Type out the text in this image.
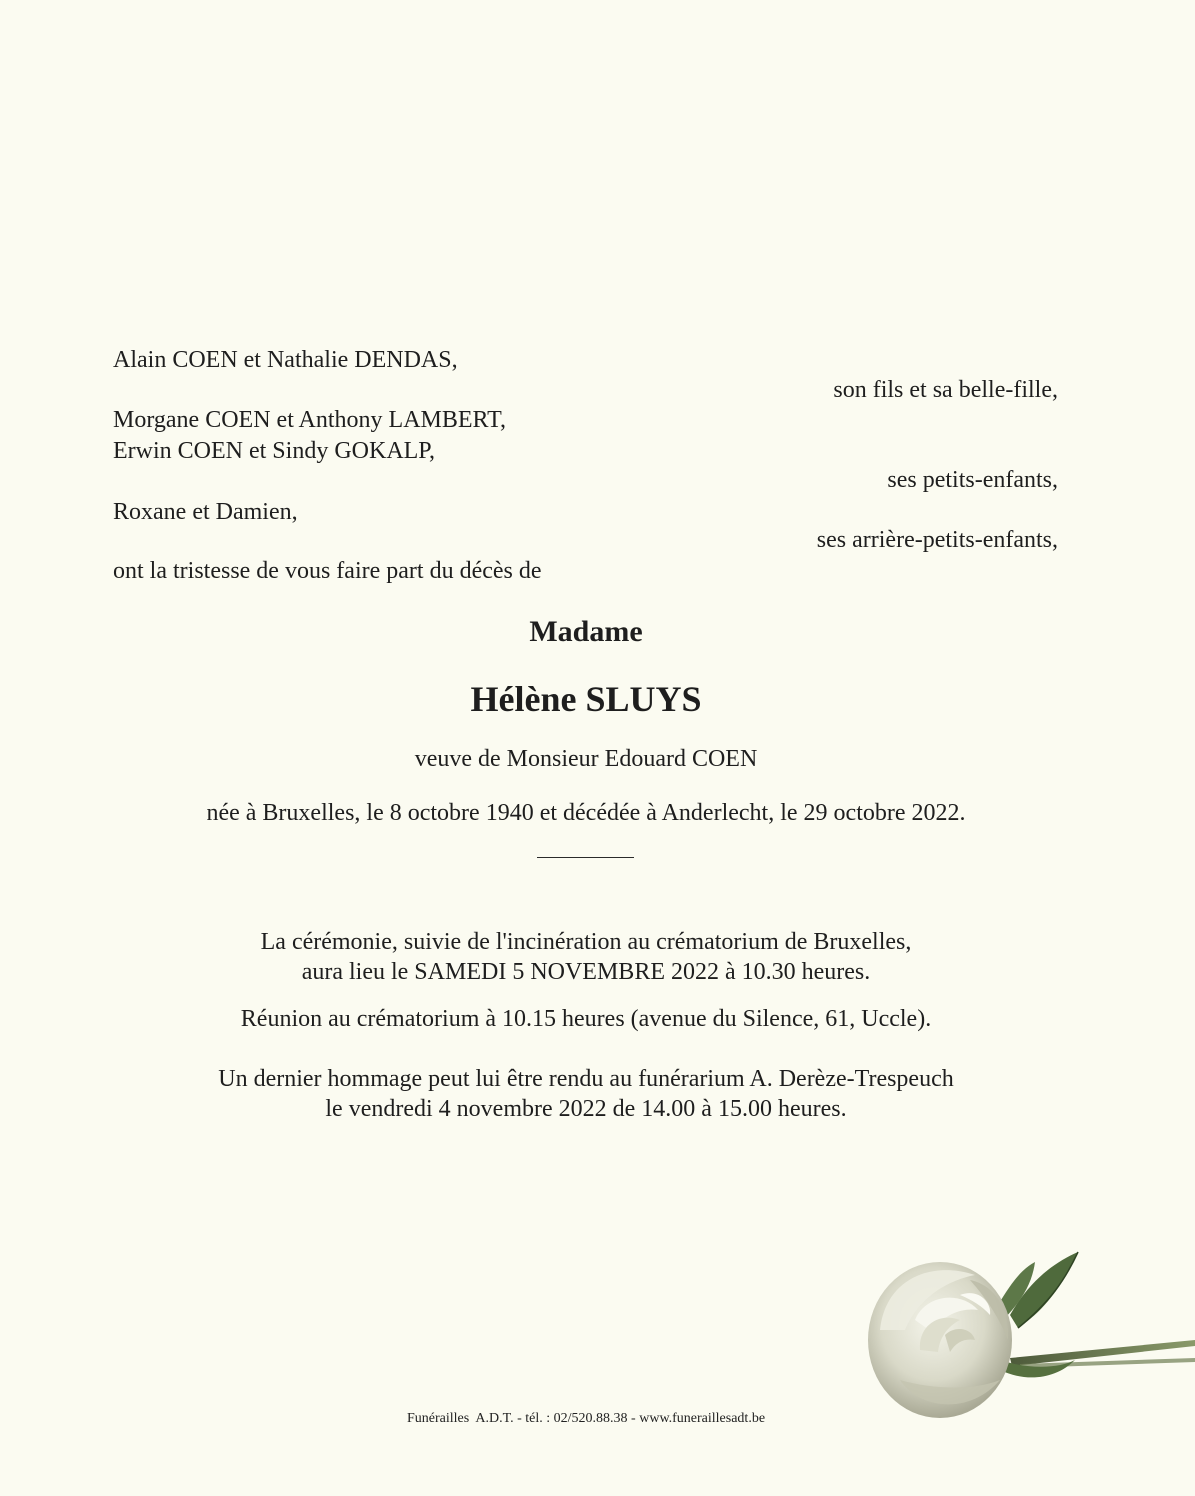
Alain COEN et Nathalie DENDAS,
son fils et sa belle-fille,
Morgane COEN et Anthony LAMBERT,
Erwin COEN et Sindy GOKALP,
ses petits-enfants,
Roxane et Damien,
ses arrière-petits-enfants,
ont la tristesse de vous faire part du décès de
Madame
Hélène SLUYS
veuve de Monsieur Edouard COEN
née à Bruxelles, le 8 octobre 1940 et décédée à Anderlecht, le 29 octobre 2022.
La cérémonie, suivie de l'incinération au crématorium de Bruxelles,
aura lieu le SAMEDI 5 NOVEMBRE 2022 à 10.30 heures.
Réunion au crématorium à 10.15 heures (avenue du Silence, 61, Uccle).
Un dernier hommage peut lui être rendu au funérarium A. Derèze-Trespeuch
le vendredi 4 novembre 2022 de 14.00 à 15.00 heures.
Funérailles  A.D.T. - tél. : 02/520.88.38 - www.funeraillesadt.be
